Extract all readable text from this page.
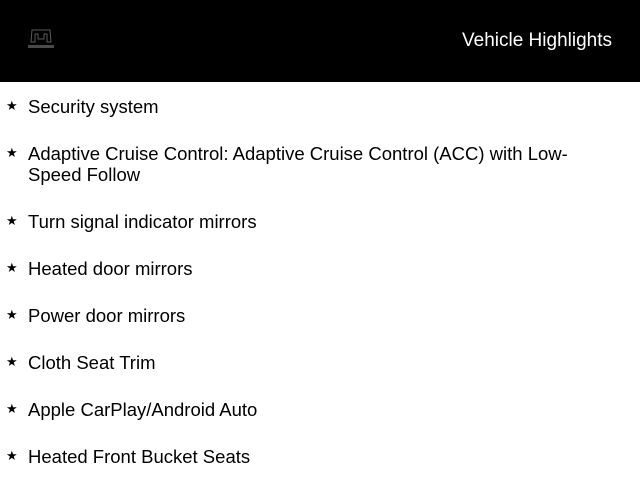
Vehicle Highlights
★ Security system
★ Adaptive Cruise Control: Adaptive Cruise Control (ACC) with Low-Speed Follow
★ Turn signal indicator mirrors
★ Heated door mirrors
★ Power door mirrors
★ Cloth Seat Trim
★ Apple CarPlay/Android Auto
★ Heated Front Bucket Seats
